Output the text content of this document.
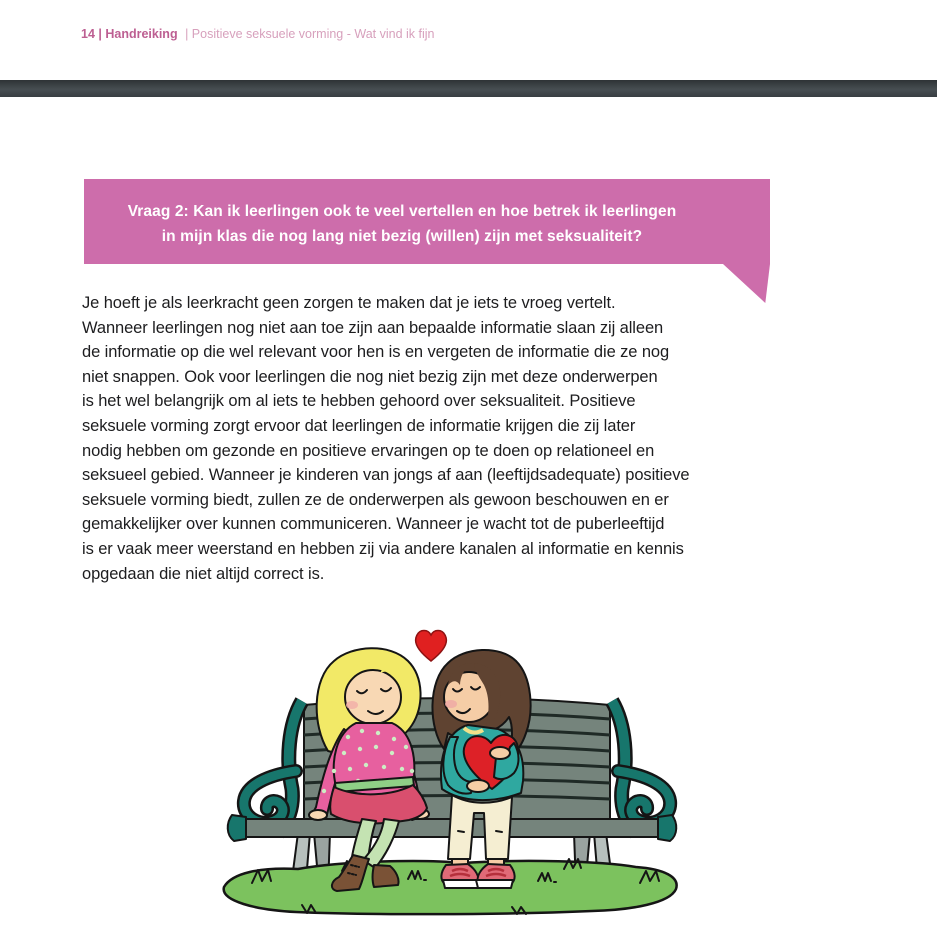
14 | Handreiking | Positieve seksuele vorming - Wat vind ik fijn
Vraag 2: Kan ik leerlingen ook te veel vertellen en hoe betrek ik leerlingen
in mijn klas die nog lang niet bezig (willen) zijn met seksualiteit?
Je hoeft je als leerkracht geen zorgen te maken dat je iets te vroeg vertelt.
Wanneer leerlingen nog niet aan toe zijn aan bepaalde informatie slaan zij alleen
de informatie op die wel relevant voor hen is en vergeten de informatie die ze nog
niet snappen. Ook voor leerlingen die nog niet bezig zijn met deze onderwerpen
is het wel belangrijk om al iets te hebben gehoord over seksualiteit. Positieve
seksuele vorming zorgt ervoor dat leerlingen de informatie krijgen die zij later
nodig hebben om gezonde en positieve ervaringen op te doen op relationeel en
seksueel gebied. Wanneer je kinderen van jongs af aan (leeftijdsadequate) positieve
seksuele vorming biedt, zullen ze de onderwerpen als gewoon beschouwen en er
gemakkelijker over kunnen communiceren. Wanneer je wacht tot de puberleeftijd
is er vaak meer weerstand en hebben zij via andere kanalen al informatie en kennis
opgedaan die niet altijd correct is.
